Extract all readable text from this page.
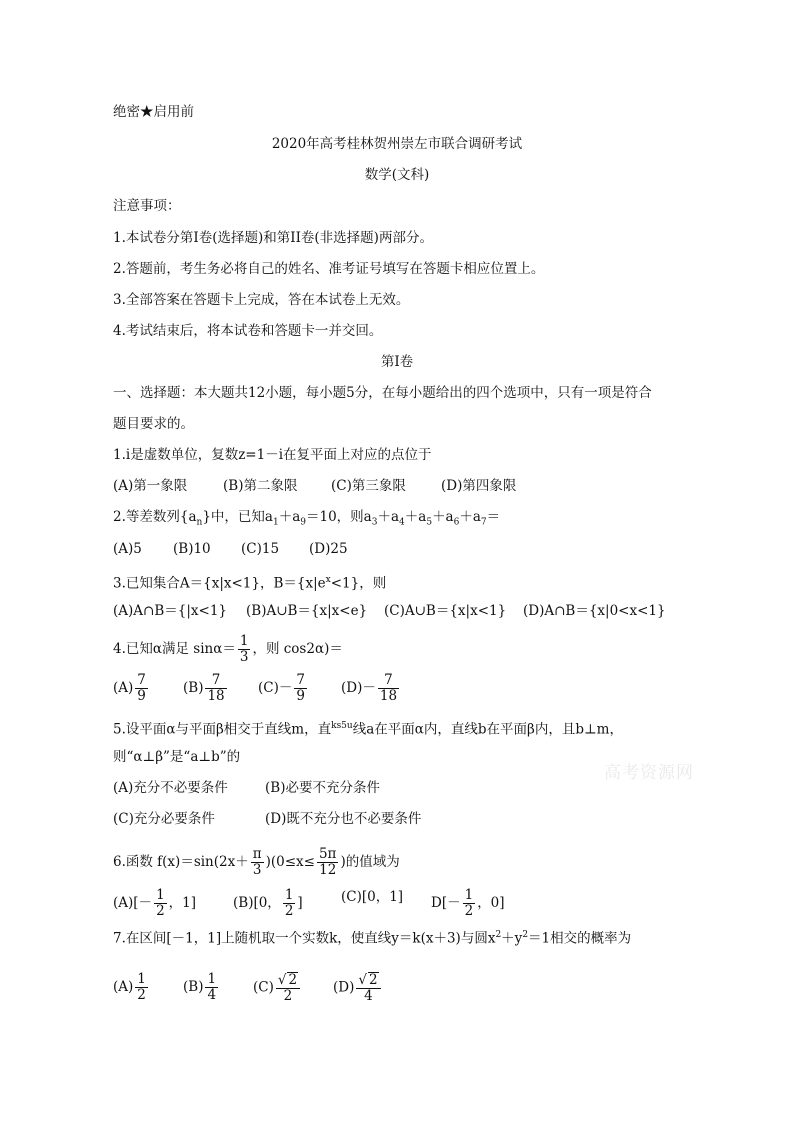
绝密★启用前
2020年高考桂林贺州崇左市联合调研考试
数学(文科)
注意事项：
1.本试卷分第I卷(选择题)和第II卷(非选择题)两部分。
2.答题前，考生务必将自己的姓名、准考证号填写在答题卡相应位置上。
3.全部答案在答题卡上完成，答在本试卷上无效。
4.考试结束后，将本试卷和答题卡一并交回。
第I卷
一、选择题：本大题共12小题，每小题5分，在每小题给出的四个选项中，只有一项是符合
题目要求的。
1.i是虚数单位，复数z=1－i在复平面上对应的点位于
(A)第一象限	(B)第二象限 (C)第三象限	(D)第四象限
2.等差数列$\{a_n\}$中，已知$a_1+a_9=10$，则$a_3+a_4+a_5+a_6+a_7=$
(A)5 (B)10 (C)15 (D)25
3.已知集合A＝{x|x<1}，$B=\{x|e^x<1\}$，则
(A)A∩B＝{|x<1} (B)A∪B＝{x|x<e} (C)A∪B＝{x|x<1} (D)A∩B＝{x|0<x<1}
4.已知α满足 $\sin\alpha= \frac{1}{3}$ ，则 cos2α)＝
$(A) \frac{7}{9}$	$(B) \frac{7}{18} (C)- \frac{7}{9}$	$(D)- \frac{7}{18}$
5.设平面α与平面β相交于直线m，直$^{ks5u}$线a在平面α内，直线b在平面β内，且b⊥m，
则“α⊥β”是“a⊥b”的
(A)充分不必要条件	(B)必要不充分条件
(C)充分必要条件	(D)既不充分也不必要条件
6.函数 $f(x)=\sin(2x+ \frac{\pi}{3} )(0\le x\le \frac{5\pi}{12}$ )的值域为
$(A)[- \frac{1}{2}$ ，1]	(B)[0， $\frac{1}{2}$ ]	(C)[0，1] $D[- \frac{1}{2}$ ，0]
7.在区间[－1，1]上随机取一个实数k，使直线y＝k(x＋3)与圆$x^2+y^2=1$相交的概率为
$(A) \frac{1}{2}$	$(B) \frac{1}{4}$	$(C) \frac{√ 2}{2} (D) \frac{√ 2}{4}$
高考资源网
